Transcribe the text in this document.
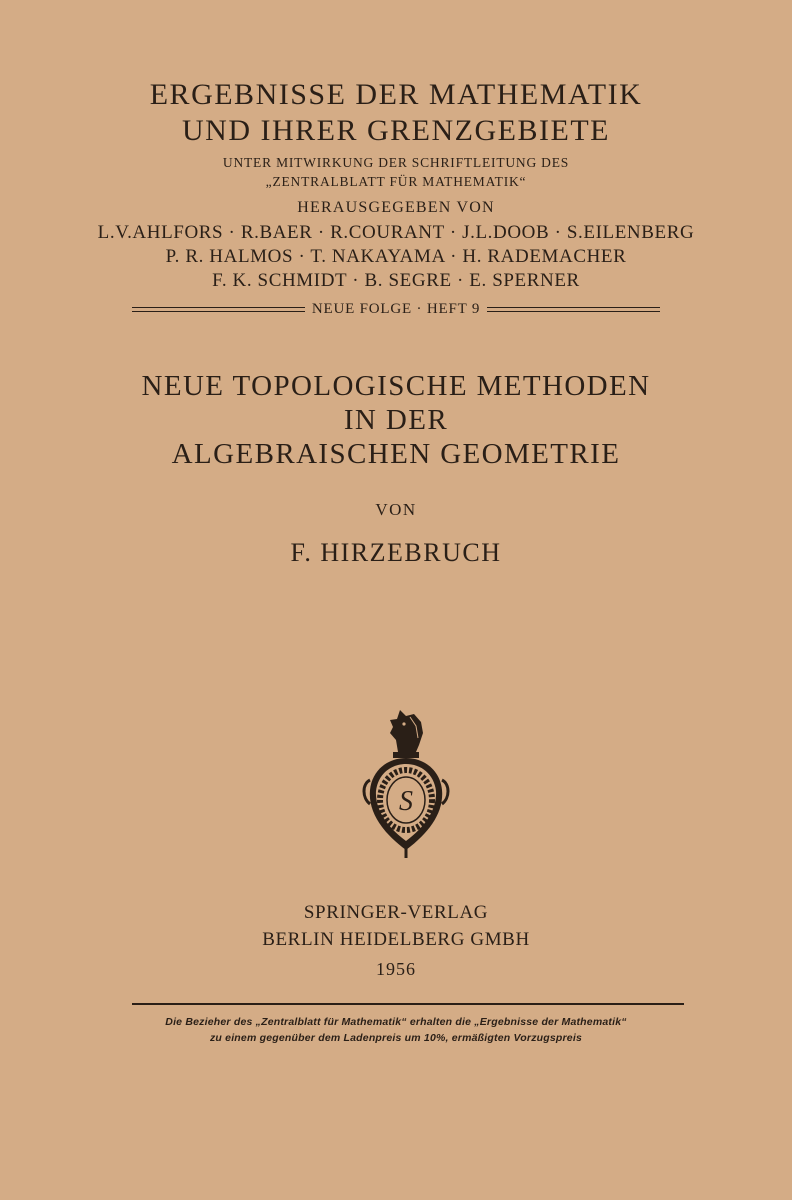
ERGEBNISSE DER MATHEMATIK
UND IHRER GRENZGEBIETE
UNTER MITWIRKUNG DER SCHRIFTLEITUNG DES
„ZENTRALBLATT FÜR MATHEMATIK“
HERAUSGEGEBEN VON
L.V.AHLFORS · R.BAER · R.COURANT · J.L.DOOB · S.EILENBERG
P. R. HALMOS · T. NAKAYAMA · H. RADEMACHER
F. K. SCHMIDT · B. SEGRE · E. SPERNER
NEUE FOLGE · HEFT 9
NEUE TOPOLOGISCHE METHODEN
IN DER
ALGEBRAISCHEN GEOMETRIE
VON
F. HIRZEBRUCH
S
SPRINGER-VERLAG
BERLIN HEIDELBERG GMBH
1956
Die Bezieher des „Zentralblatt für Mathematik“ erhalten die „Ergebnisse der Mathematik“
zu einem gegenüber dem Ladenpreis um 10%, ermäßigten Vorzugspreis
